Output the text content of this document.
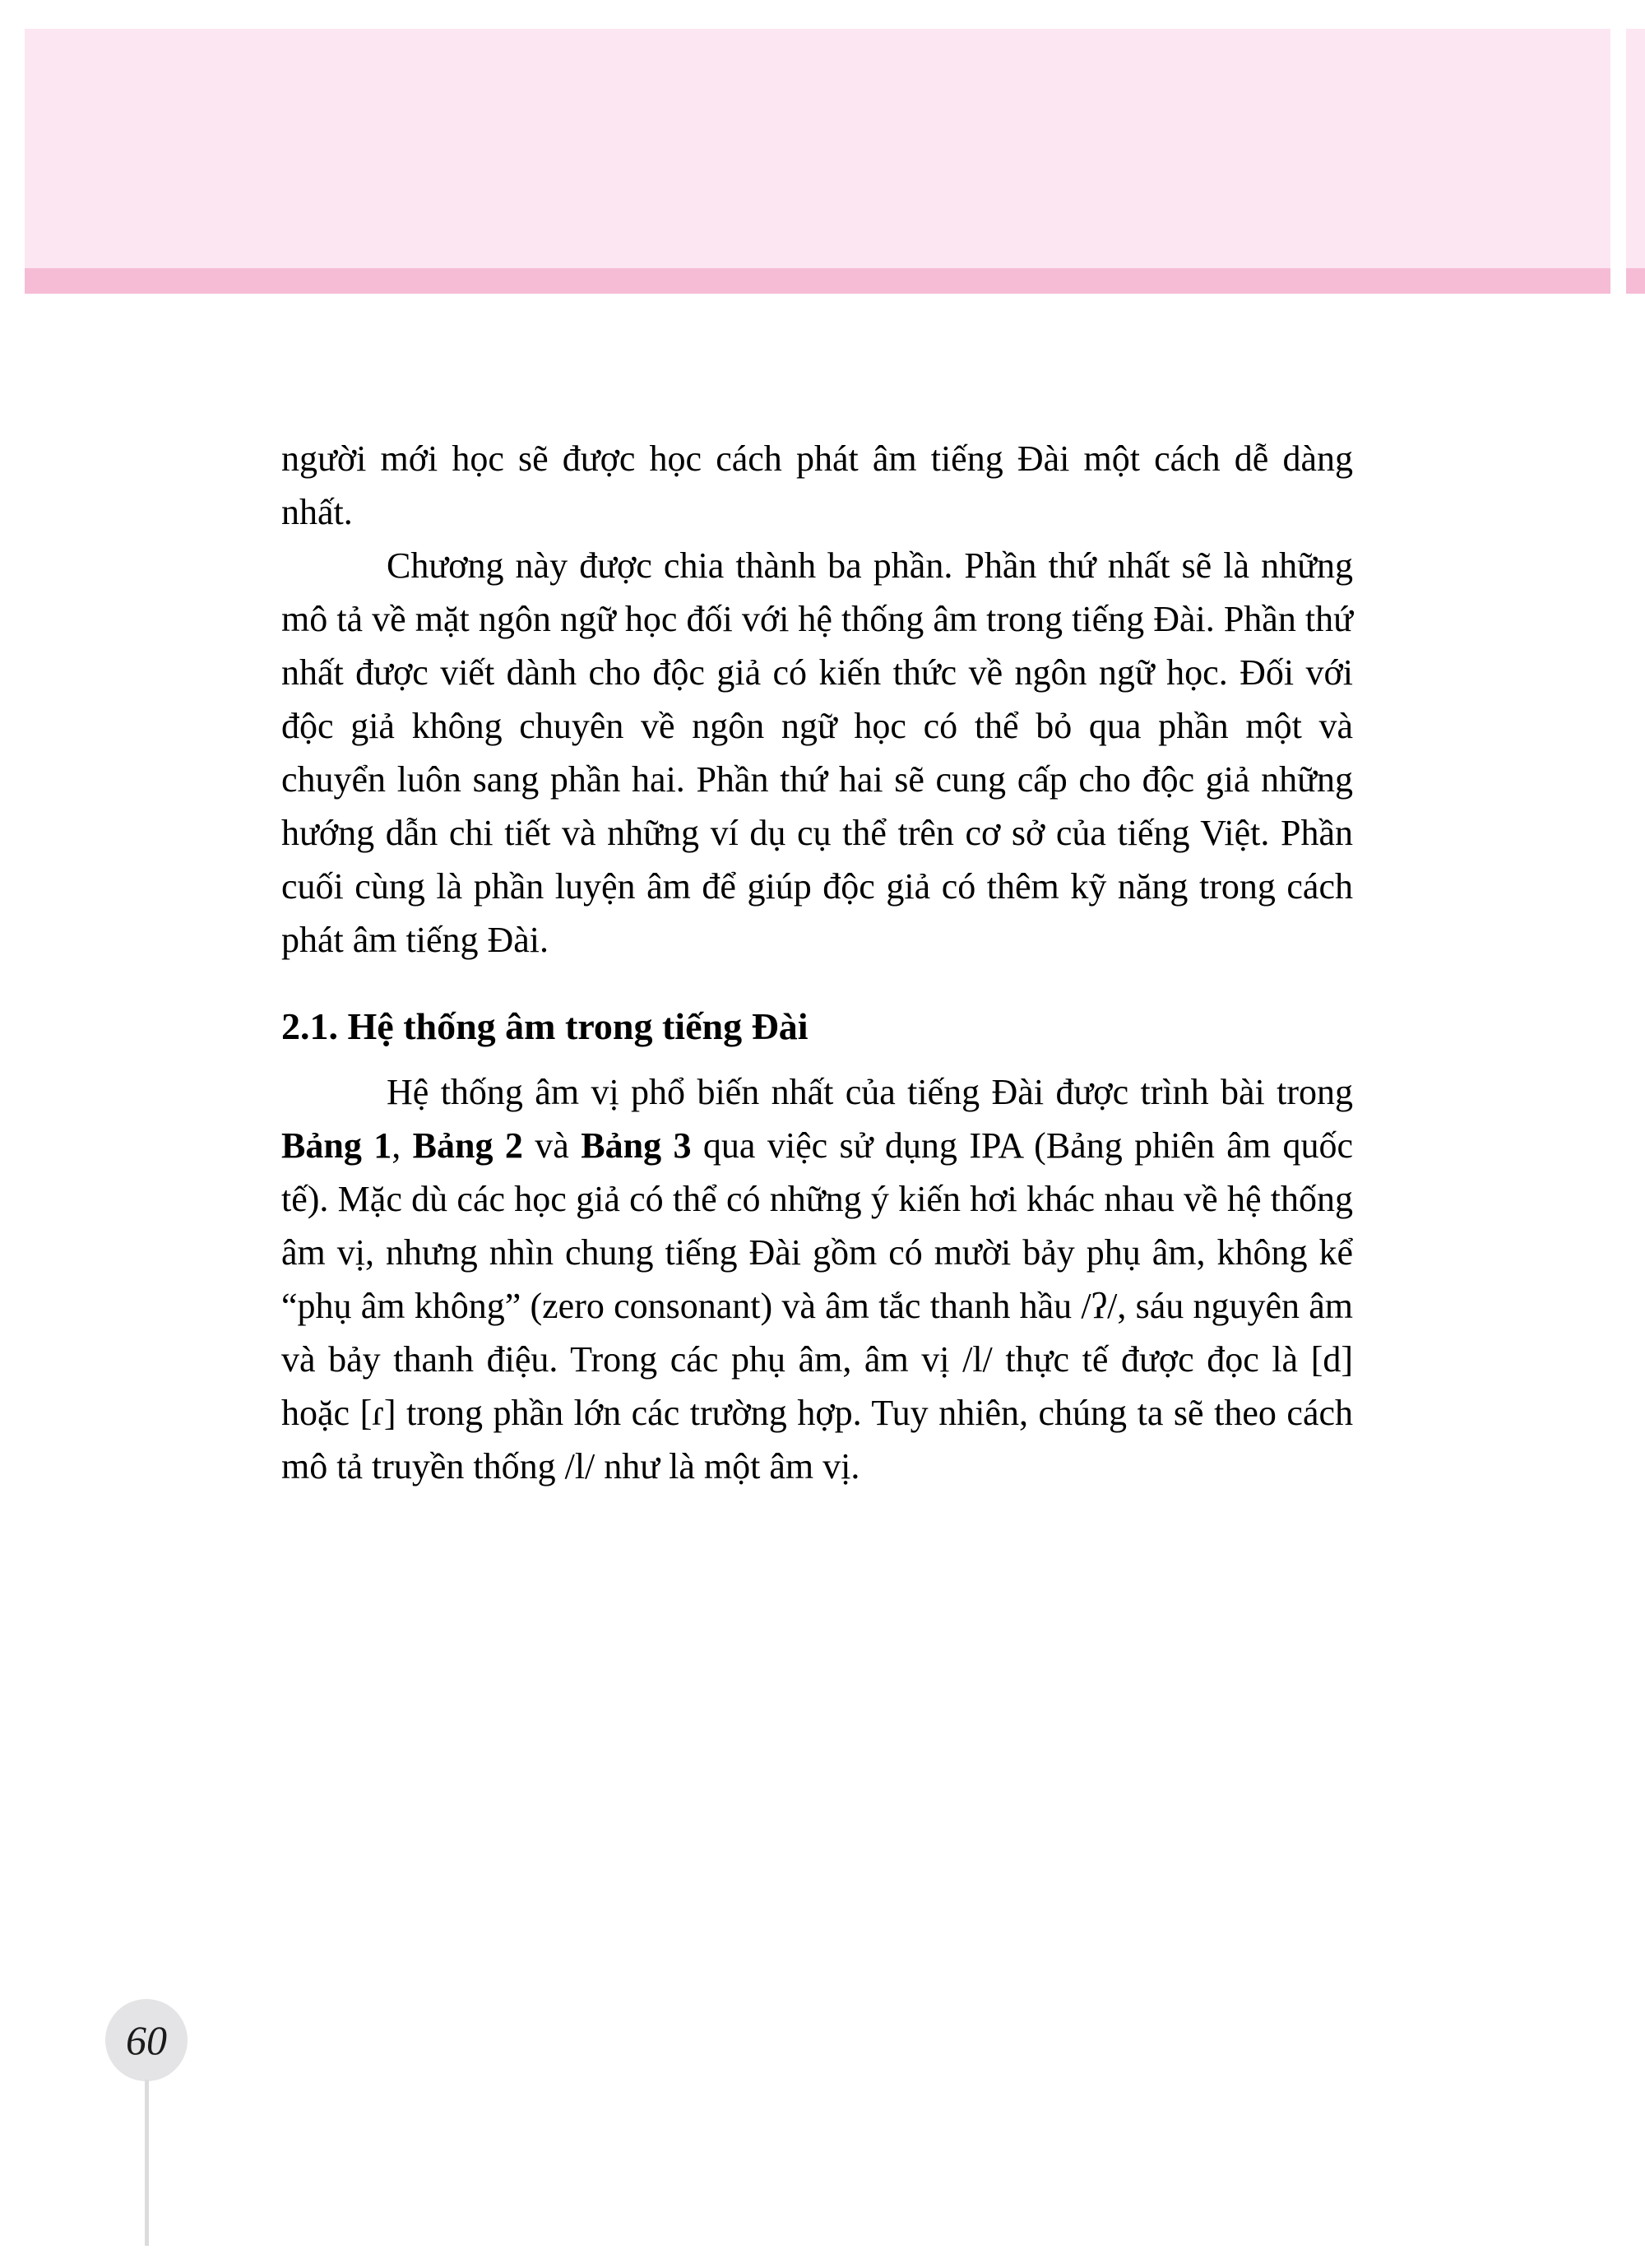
người mới học sẽ được học cách phát âm tiếng Đài một cách dễ dàng nhất.

Chương này được chia thành ba phần. Phần thứ nhất sẽ là những mô tả về mặt ngôn ngữ học đối với hệ thống âm trong tiếng Đài. Phần thứ nhất được viết dành cho độc giả có kiến thức về ngôn ngữ học. Đối với độc giả không chuyên về ngôn ngữ học có thể bỏ qua phần một và chuyển luôn sang phần hai. Phần thứ hai sẽ cung cấp cho độc giả những hướng dẫn chi tiết và những ví dụ cụ thể trên cơ sở của tiếng Việt. Phần cuối cùng là phần luyện âm để giúp độc giả có thêm kỹ năng trong cách phát âm tiếng Đài.

2.1. Hệ thống âm trong tiếng Đài

Hệ thống âm vị phổ biến nhất của tiếng Đài được trình bài trong Bảng 1, Bảng 2 và Bảng 3 qua việc sử dụng IPA (Bảng phiên âm quốc tế). Mặc dù các học giả có thể có những ý kiến hơi khác nhau về hệ thống âm vị, nhưng nhìn chung tiếng Đài gồm có mười bảy phụ âm, không kể “phụ âm không” (zero consonant) và âm tắc thanh hầu /ʔ/, sáu nguyên âm và bảy thanh điệu. Trong các phụ âm, âm vị /l/ thực tế được đọc là [d] hoặc [ɾ] trong phần lớn các trường hợp. Tuy nhiên, chúng ta sẽ theo cách mô tả truyền thống /l/ như là một âm vị.

60
